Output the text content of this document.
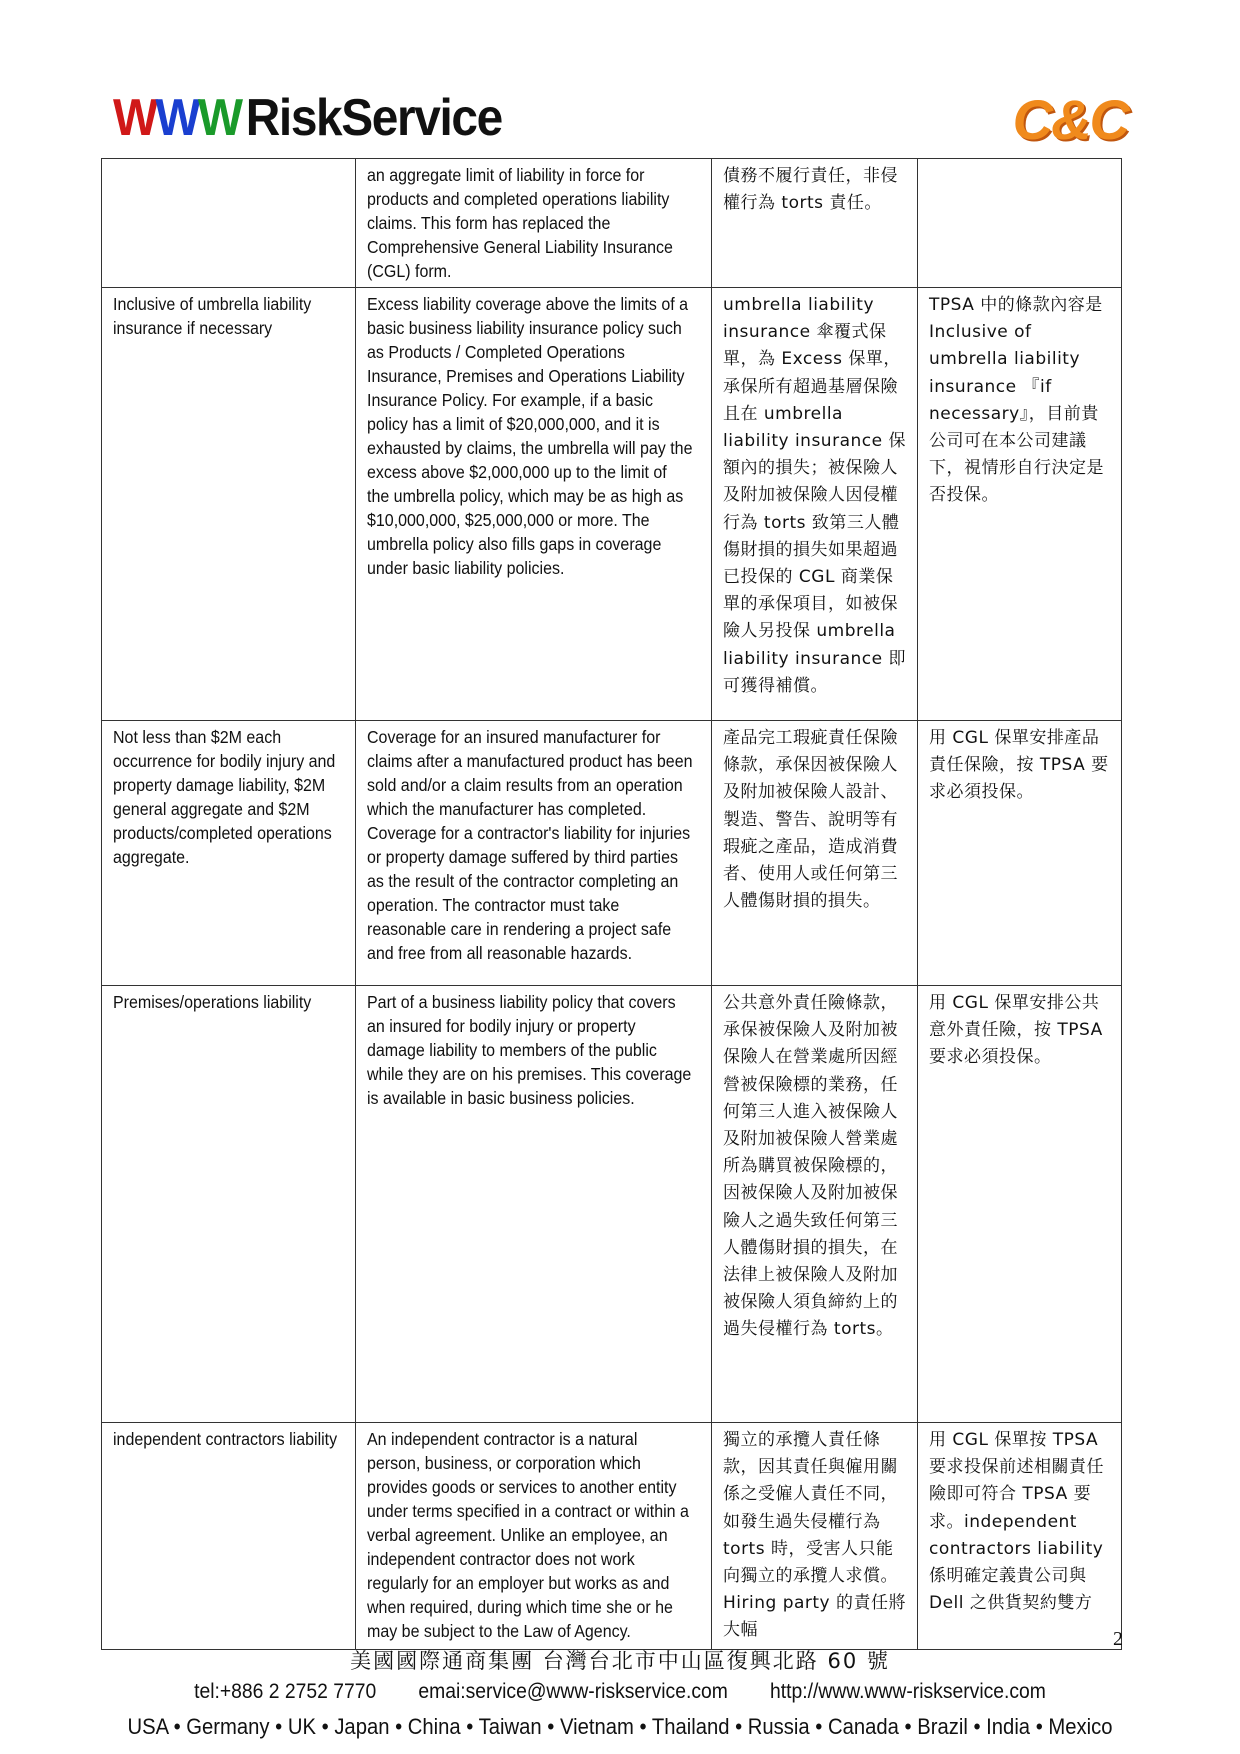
W W W RiskService	C&C

	an aggregate limit of liability in force for products and completed operations liability claims. This form has replaced the Comprehensive General Liability Insurance (CGL) form.	債務不履行責任，非侵權行為 torts 責任。	

Inclusive of umbrella liability insurance if necessary	Excess liability coverage above the limits of a basic business liability insurance policy such as Products / Completed Operations Insurance, Premises and Operations Liability Insurance Policy. For example, if a basic policy has a limit of $20,000,000, and it is exhausted by claims, the umbrella will pay the excess above $2,000,000 up to the limit of the umbrella policy, which may be as high as $10,000,000, $25,000,000 or more. The umbrella policy also fills gaps in coverage under basic liability policies.	umbrella liability insurance 傘覆式保單，為 Excess 保單，承保所有超過基層保險且在 umbrella liability insurance 保額內的損失；被保險人及附加被保險人因侵權行為 torts 致第三人體傷財損的損失如果超過已投保的 CGL 商業保單的承保項目，如被保險人另投保 umbrella liability insurance 即可獲得補償。	TPSA 中的條款內容是 Inclusive of umbrella liability insurance 『if necessary』，目前貴公司可在本公司建議下，視情形自行決定是否投保。

Not less than $2M each occurrence for bodily injury and property damage liability, $2M general aggregate and $2M products/completed operations aggregate.	Coverage for an insured manufacturer for claims after a manufactured product has been sold and/or a claim results from an operation which the manufacturer has completed. Coverage for a contractor's liability for injuries or property damage suffered by third parties as the result of the contractor completing an operation. The contractor must take reasonable care in rendering a project safe and free from all reasonable hazards.	產品完工瑕疵責任保險條款，承保因被保險人及附加被保險人設計、製造、警告、說明等有瑕疵之產品，造成消費者、使用人或任何第三人體傷財損的損失。	用 CGL 保單安排產品責任保險，按 TPSA 要求必須投保。

Premises/operations liability	Part of a business liability policy that covers an insured for bodily injury or property damage liability to members of the public while they are on his premises. This coverage is available in basic business policies.	公共意外責任險條款，承保被保險人及附加被保險人在營業處所因經營被保險標的業務，任何第三人進入被保險人及附加被保險人營業處所為購買被保險標的，因被保險人及附加被保險人之過失致任何第三人體傷財損的損失，在法律上被保險人及附加被保險人須負締約上的過失侵權行為 torts。	用 CGL 保單安排公共意外責任險，按 TPSA 要求必須投保。

independent contractors liability	An independent contractor is a natural person, business, or corporation which provides goods or services to another entity under terms specified in a contract or within a verbal agreement. Unlike an employee, an independent contractor does not work regularly for an employer but works as and when required, during which time she or he may be subject to the Law of Agency.	獨立的承攬人責任條款，因其責任與僱用關係之受僱人責任不同，如發生過失侵權行為 torts 時，受害人只能向獨立的承攬人求償。Hiring party 的責任將大幅	用 CGL 保單按 TPSA 要求投保前述相關責任險即可符合 TPSA 要求。independent contractors liability 係明確定義貴公司與 Dell 之供貨契約雙方
2
美國國際通商集團 台灣台北市中山區復興北路 60 號
tel:+886 2 2752 7770 emai:service@www-riskservice.com http://www.www-riskservice.com
USA • Germany • UK • Japan • China • Taiwan • Vietnam • Thailand • Russia • Canada • Brazil • India • Mexico
